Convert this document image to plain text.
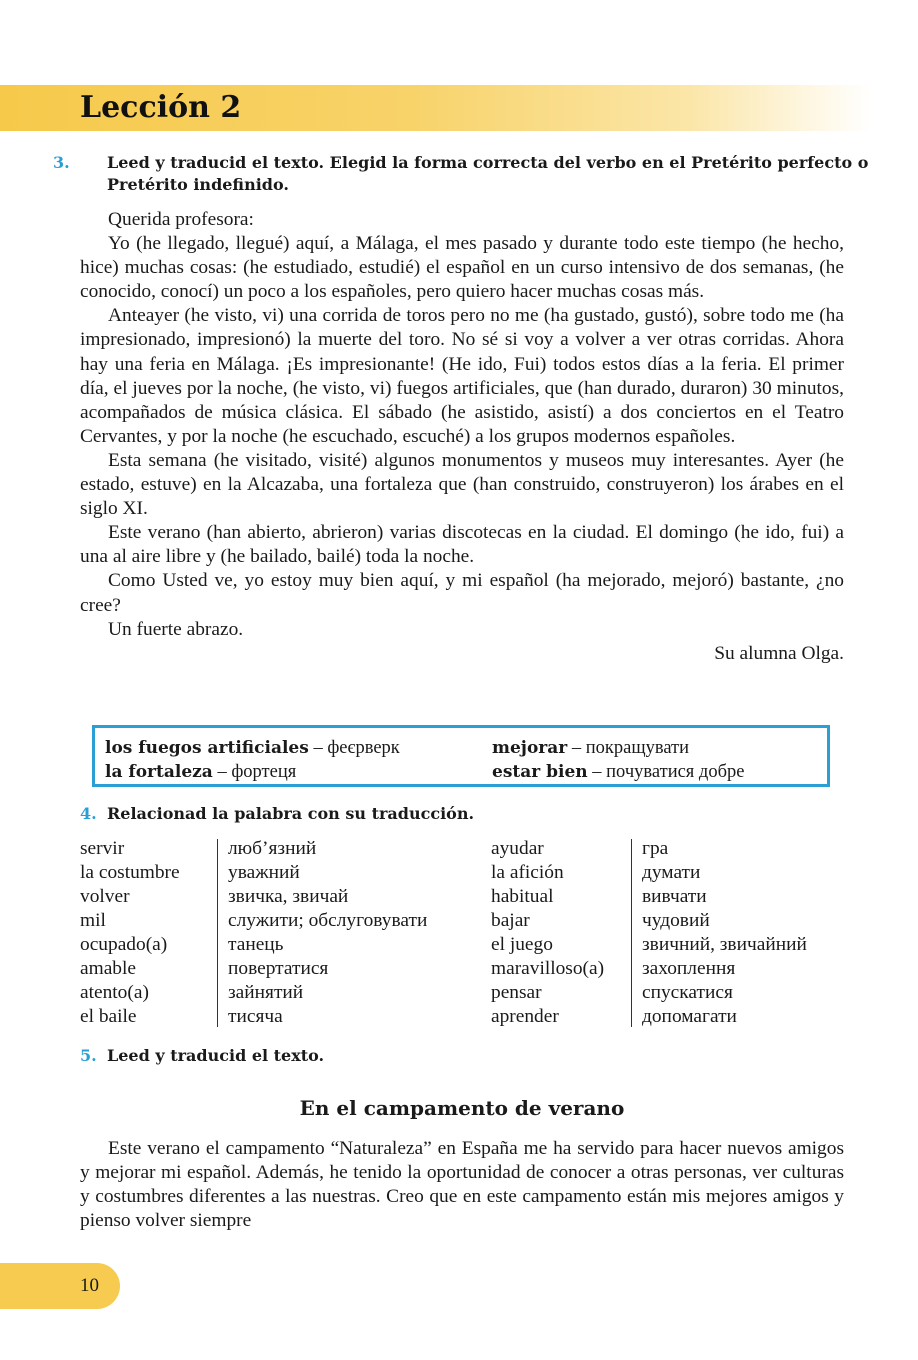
Lección 2
3. Leed y traducid el texto. Elegid la forma correcta del verbo en el Pretérito perfecto o Pretérito indefinido.

Querida profesora:

Yo (he llegado, llegué) aquí, a Málaga, el mes pasado y durante todo este tiempo (he hecho, hice) muchas cosas: (he estudiado, estudié) el español en un curso intensivo de dos semanas, (he conocido, conocí) un poco a los españoles, pero quiero hacer muchas cosas más.

Anteayer (he visto, vi) una corrida de toros pero no me (ha gustado, gustó), sobre todo me (ha impresionado, impresionó) la muerte del toro. No sé si voy a volver a ver otras corridas. Ahora hay una feria en Málaga. ¡Es impresionante! (He ido, Fui) todos estos días a la feria. El primer día, el jueves por la noche, (he visto, vi) fuegos artificiales, que (han durado, duraron) 30 minutos, acompañados de música clásica. El sábado (he asistido, asistí) a dos conciertos en el Teatro Cervantes, y por la noche (he escuchado, escuché) a los grupos modernos españoles.

Esta semana (he visitado, visité) algunos monumentos y museos muy interesantes. Ayer (he estado, estuve) en la Alcazaba, una fortaleza que (han construido, construyeron) los árabes en el siglo XI.

Este verano (han abierto, abrieron) varias discotecas en la ciudad. El domingo (he ido, fui) a una al aire libre y (he bailado, bailé) toda la noche.

Como Usted ve, yo estoy muy bien aquí, y mi español (ha mejorado, mejoró) bastante, ¿no cree?

Un fuerte abrazo.

Su alumna Olga.

los fuegos artificiales – феєрверк
la fortaleza – фортеця
mejorar – покращувати
estar bien – почуватися добре
4. Relacionad la palabra con su traducción.
servir
la costumbre
volver
mil
ocupado(a)
amable
atento(a)
el baile
люб’язний
уважний
звичка, звичай
служити; обслуговувати
танець
повертатися
зайнятий
тисяча
ayudar
la afición
habitual
bajar
el juego
maravilloso(a)
pensar
aprender
гра
думати
вивчати
чудовий
звичний, звичайний
захоплення
спускатися
допомагати
5. Leed y traducid el texto.
En el campamento de verano

Este verano el campamento “Naturaleza” en España me ha servido para hacer nuevos amigos y mejorar mi español. Además, he tenido la oportunidad de conocer a otras personas, ver culturas y costumbres diferentes a las nuestras. Creo que en este campamento están mis mejores amigos y pienso volver siempre

10
